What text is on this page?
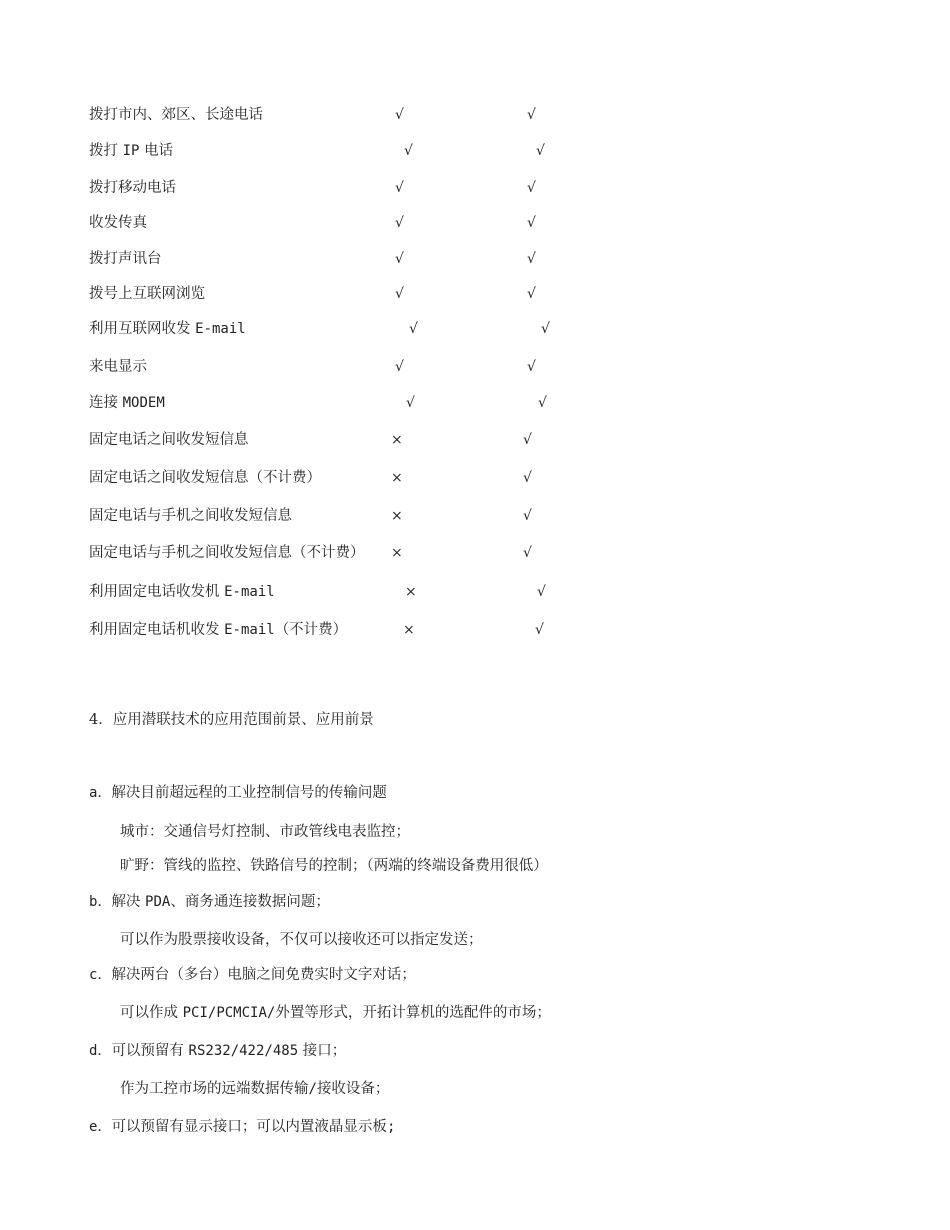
拨打市内、郊区、长途电话	√	√
拨打 IP 电话	√	√
拨打移动电话	√	√
收发传真	√	√
拨打声讯台	√	√
拨号上互联网浏览	√	√
利用互联网收发 E-mail	√	√
来电显示	√	√
连接 MODEM	√	√
固定电话之间收发短信息	×	√
固定电话之间收发短信息（不计费）	×	√
固定电话与手机之间收发短信息	×	√
固定电话与手机之间收发短信息（不计费） ×	√
利用固定电话收发机 E-mail	×	√
利用固定电话机收发 E-mail（不计费）	×	√
4．应用潜联技术的应用范围前景、应用前景
a．解决目前超远程的工业控制信号的传输问题
城市：交通信号灯控制、市政管线电表监控；
旷野：管线的监控、铁路信号的控制；（两端的终端设备费用很低）
b．解决 PDA、商务通连接数据问题；
可以作为股票接收设备，不仅可以接收还可以指定发送；
c．解决两台（多台）电脑之间免费实时文字对话；
可以作成 PCI/PCMCIA/外置等形式，开拓计算机的选配件的市场；
d．可以预留有 RS232/422/485 接口；
作为工控市场的远端数据传输/接收设备；
e．可以预留有显示接口；可以内置液晶显示板;
